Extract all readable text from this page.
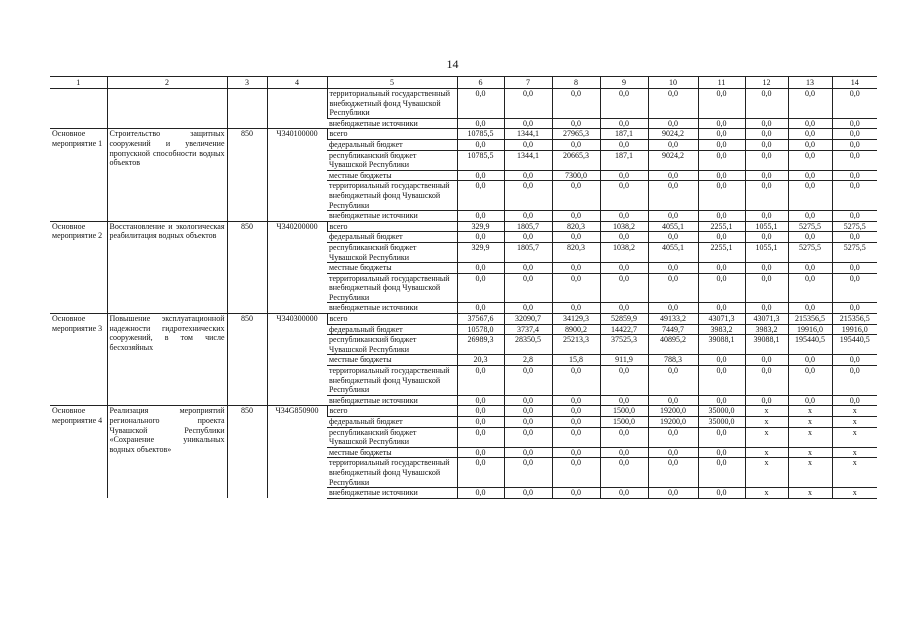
14
1	2	3	4	5	6	7	8	9	10	11	12	13	14
				территориальный государственный внебюджетный фонд Чувашской Республики	0,0	0,0	0,0	0,0	0,0	0,0	0,0	0,0	0,0
				внебюджетные источники	0,0	0,0	0,0	0,0	0,0	0,0	0,0	0,0	0,0
Основное мероприятие 1	Строительство защитных сооружений и увеличение пропускной способности водных объектов	850	Ч340100000	всего	10785,5	1344,1	27965,3	187,1	9024,2	0,0	0,0	0,0	0,0
				федеральный бюджет	0,0	0,0	0,0	0,0	0,0	0,0	0,0	0,0	0,0
				республиканский бюджет Чувашской Республики	10785,5	1344,1	20665,3	187,1	9024,2	0,0	0,0	0,0	0,0
				местные бюджеты	0,0	0,0	7300,0	0,0	0,0	0,0	0,0	0,0	0,0
				территориальный государственный внебюджетный фонд Чувашской Республики	0,0	0,0	0,0	0,0	0,0	0,0	0,0	0,0	0,0
				внебюджетные источники	0,0	0,0	0,0	0,0	0,0	0,0	0,0	0,0	0,0
Основное мероприятие 2	Восстановление и экологическая реабилитация водных объектов	850	Ч340200000	всего	329,9	1805,7	820,3	1038,2	4055,1	2255,1	1055,1	5275,5	5275,5
				федеральный бюджет	0,0	0,0	0,0	0,0	0,0	0,0	0,0	0,0	0,0
				республиканский бюджет Чувашской Республики	329,9	1805,7	820,3	1038,2	4055,1	2255,1	1055,1	5275,5	5275,5
				местные бюджеты	0,0	0,0	0,0	0,0	0,0	0,0	0,0	0,0	0,0
				территориальный государственный внебюджетный фонд Чувашской Республики	0,0	0,0	0,0	0,0	0,0	0,0	0,0	0,0	0,0
				внебюджетные источники	0,0	0,0	0,0	0,0	0,0	0,0	0,0	0,0	0,0
Основное мероприятие 3	Повышение эксплуатационной надежности гидротехнических сооружений, в том числе бесхозяйных	850	Ч340300000	всего	37567,6	32090,7	34129,3	52859,9	49133,2	43071,3	43071,3	215356,5	215356,5
				федеральный бюджет	10578,0	3737,4	8900,2	14422,7	7449,7	3983,2	3983,2	19916,0	19916,0
				республиканский бюджет Чувашской Республики	26989,3	28350,5	25213,3	37525,3	40895,2	39088,1	39088,1	195440,5	195440,5
				местные бюджеты	20,3	2,8	15,8	911,9	788,3	0,0	0,0	0,0	0,0
				территориальный государственный внебюджетный фонд Чувашской Республики	0,0	0,0	0,0	0,0	0,0	0,0	0,0	0,0	0,0
				внебюджетные источники	0,0	0,0	0,0	0,0	0,0	0,0	0,0	0,0	0,0
Основное мероприятие 4	Реализация мероприятий регионального проекта Чувашской Республики «Сохранение уникальных водных объектов»	850	Ч34G850900	всего	0,0	0,0	0,0	1500,0	19200,0	35000,0	x	x	x
				федеральный бюджет	0,0	0,0	0,0	1500,0	19200,0	35000,0	x	x	x
				республиканский бюджет Чувашской Республики	0,0	0,0	0,0	0,0	0,0	0,0	x	x	x
				местные бюджеты	0,0	0,0	0,0	0,0	0,0	0,0	x	x	x
				территориальный государственный внебюджетный фонд Чувашской Республики	0,0	0,0	0,0	0,0	0,0	0,0	x	x	x
				внебюджетные источники	0,0	0,0	0,0	0,0	0,0	0,0	x	x	x
